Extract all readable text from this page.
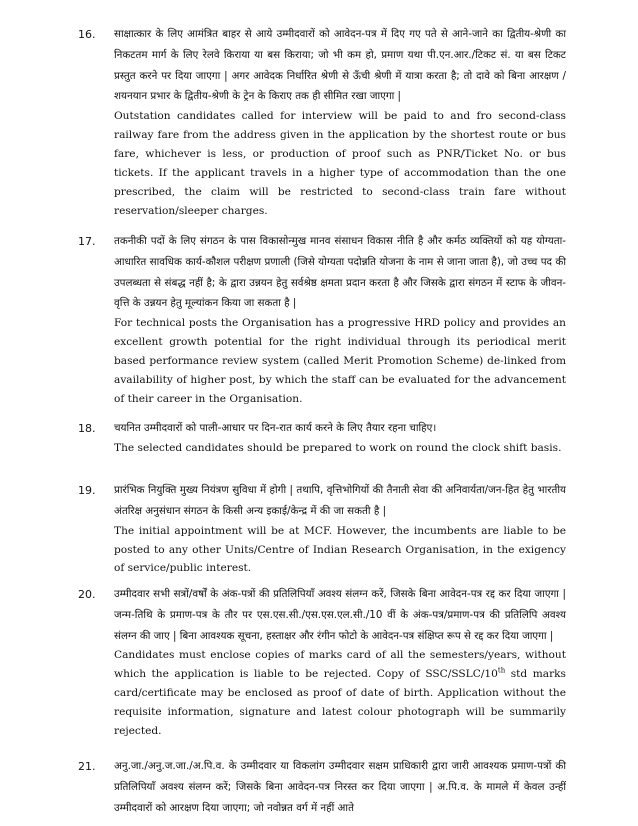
16. साक्षात्कार के लिए आमंत्रित बाहर से आये उम्मीदवारों को आवेदन-पत्र में दिए गए पते से आने-जाने का द्वितीय-श्रेणी का निकटतम मार्ग के लिए रेलवे किराया या बस किराया; जो भी कम हो, प्रमाण यथा पी.एन.आर./टिकट सं. या बस टिकट प्रस्तुत करने पर दिया जाएगा | अगर आवेदक निर्धारित श्रेणी से ऊँची श्रेणी में यात्रा करता है; तो दावे को बिना आरक्षण /शयनयान प्रभार के द्वितीय-श्रेणी के ट्रेन के किराए तक ही सीमित रखा जाएगा |

Outstation candidates called for interview will be paid to and fro second-class railway fare from the address given in the application by the shortest route or bus fare, whichever is less, or production of proof such as PNR/Ticket No. or bus tickets. If the applicant travels in a higher type of accommodation than the one prescribed, the claim will be restricted to second-class train fare without reservation/sleeper charges.

17. तकनीकी पदों के लिए संगठन के पास विकासोन्मुख मानव संसाधन विकास नीति है और कर्मठ व्यक्तियों को यह योग्यता-आधारित सावधिक कार्य-कौशल परीक्षण प्रणाली (जिसे योग्यता पदोन्नति योजना के नाम से जाना जाता है), जो उच्च पद की उपलब्धता से संबद्ध नहीं है; के द्वारा उन्नयन हेतु सर्वश्रेष्ठ क्षमता प्रदान करता है और जिसके द्वारा संगठन में स्टाफ के जीवन-वृत्ति के उन्नयन हेतु मूल्यांकन किया जा सकता है |

For technical posts the Organisation has a progressive HRD policy and provides an excellent growth potential for the right individual through its periodical merit based performance review system (called Merit Promotion Scheme) de-linked from availability of higher post, by which the staff can be evaluated for the advancement of their career in the Organisation.

18. चयनित उम्मीदवारों को पाली-आधार पर दिन-रात कार्य करने के लिए तैयार रहना चाहिए।

The selected candidates should be prepared to work on round the clock shift basis.

19. प्रारंभिक नियुक्ति मुख्य नियंत्रण सुविधा में होगी | तथापि, वृत्तिभोगियों की तैनाती सेवा की अनिवार्यता/जन-हित हेतु भारतीय अंतरिक्ष अनुसंधान संगठन के किसी अन्य इकाई/केन्द्र में की जा सकती है |

The initial appointment will be at MCF. However, the incumbents are liable to be posted to any other Units/Centre of Indian Research Organisation, in the exigency of service/public interest.

20. उम्मीदवार सभी सत्रों/वर्षों के अंक-पत्रों की प्रतिलिपियाँ अवश्य संलग्न करें, जिसके बिना आवेदन-पत्र रद्द कर दिया जाएगा | जन्म-तिथि के प्रमाण-पत्र के तौर पर एस.एस.सी./एस.एस.एल.सी./10 वीं के अंक-पत्र/प्रमाण-पत्र की प्रतिलिपि अवश्य संलग्न की जाए | बिना आवश्यक सूचना, हस्ताक्षर और रंगीन फोटो के आवेदन-पत्र संक्षिप्त रूप से रद्द कर दिया जाएगा |

Candidates must enclose copies of marks card of all the semesters/years, without which the application is liable to be rejected. Copy of SSC/SSLC/10th std marks card/certificate may be enclosed as proof of date of birth. Application without the requisite information, signature and latest colour photograph will be summarily rejected.

21. अनु.जा./अनु.ज.जा./अ.पि.व. के उम्मीदवार या विकलांग उम्मीदवार सक्षम प्राधिकारी द्वारा जारी आवश्यक प्रमाण-पत्रों की प्रतिलिपियाँ अवश्य संलग्न करें; जिसके बिना आवेदन-पत्र निरस्त कर दिया जाएगा | अ.पि.व. के मामले में केवल उन्हीं उम्मीदवारों को आरक्षण दिया जाएगा; जो नवोन्नत वर्ग में नहीं आते
